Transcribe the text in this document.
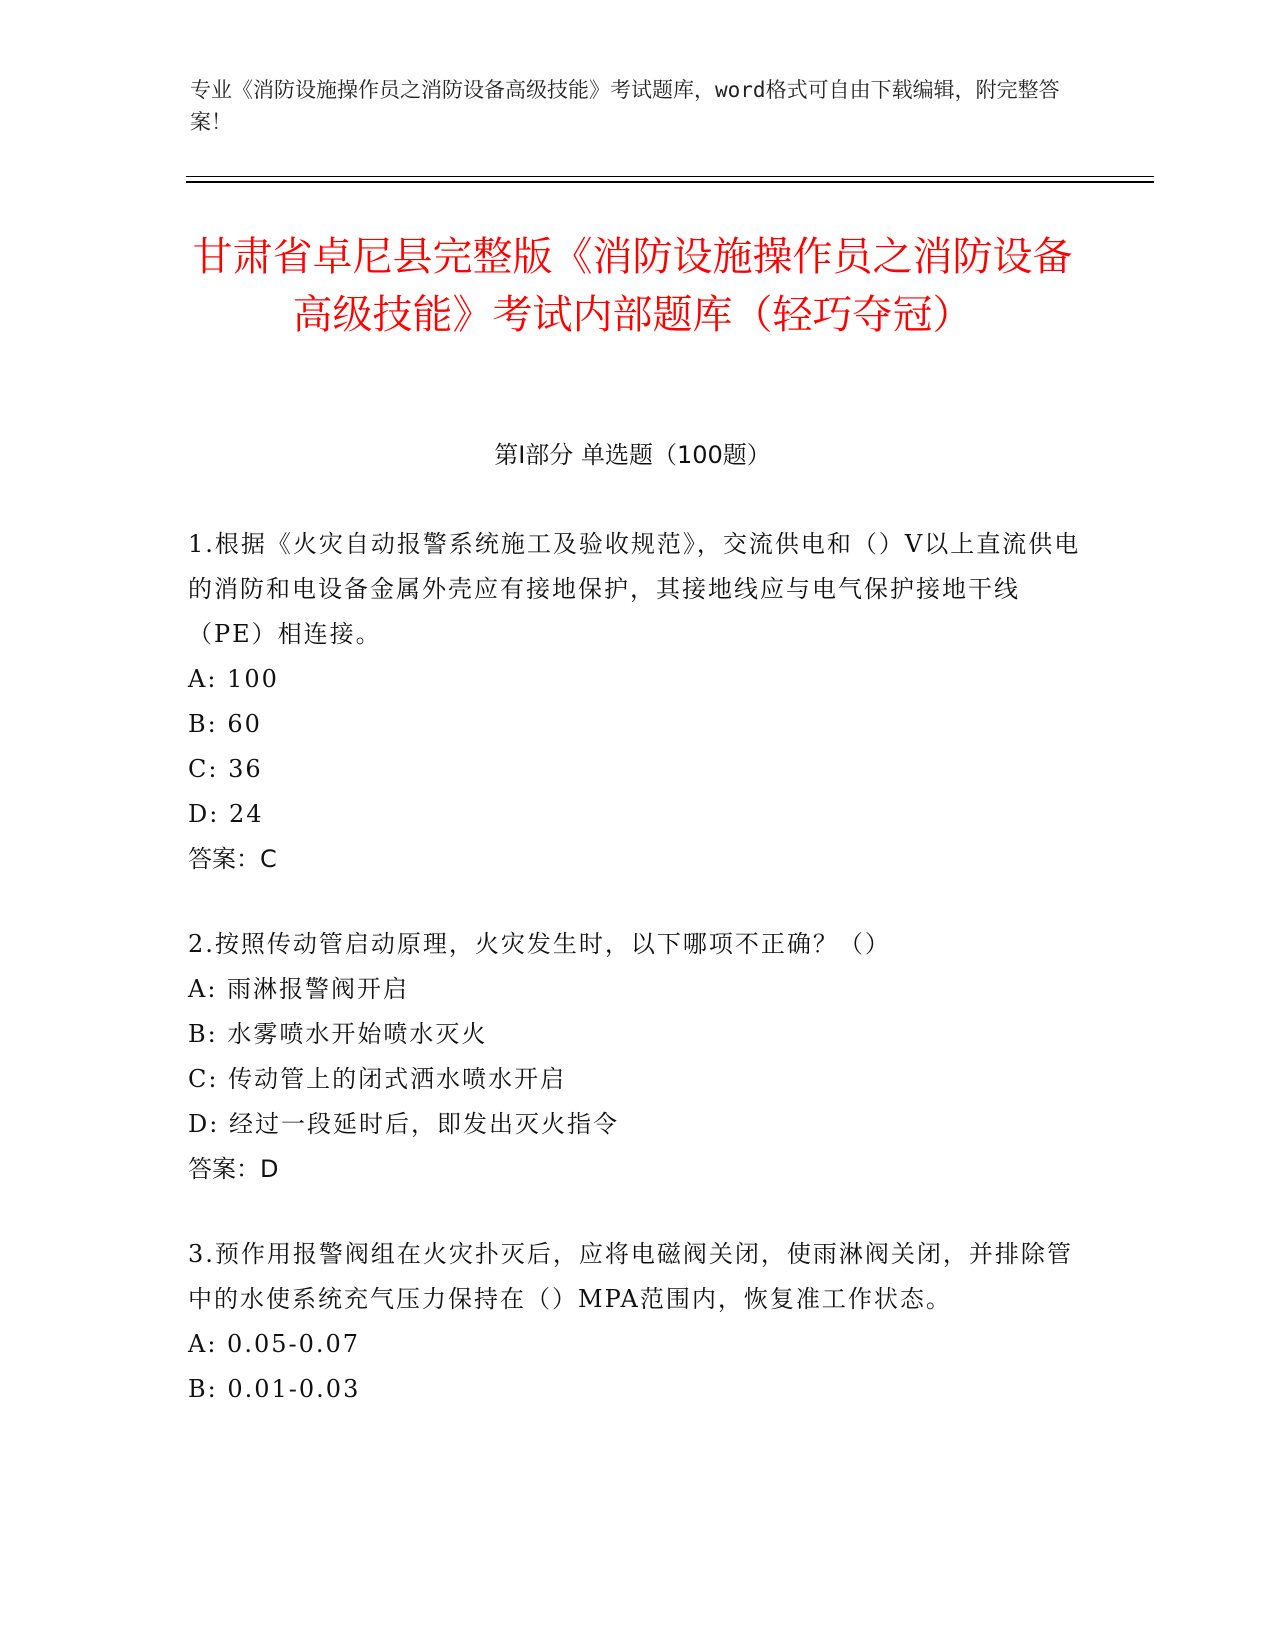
专业《消防设施操作员之消防设备高级技能》考试题库，word格式可自由下载编辑，附完整答案！
甘肃省卓尼县完整版《消防设施操作员之消防设备高级技能》考试内部题库（轻巧夺冠）
第Ⅰ部分 单选题（100题）

1.根据《火灾自动报警系统施工及验收规范》，交流供电和（）V以上直流供电的消防和电设备金属外壳应有接地保护，其接地线应与电气保护接地干线（PE）相连接。

A: 100
B: 60
C: 36
D: 24
答案：C

2.按照传动管启动原理，火灾发生时，以下哪项不正确？（）

A: 雨淋报警阀开启
B: 水雾喷水开始喷水灭火
C: 传动管上的闭式洒水喷水开启
D: 经过一段延时后，即发出灭火指令
答案：D

3.预作用报警阀组在火灾扑灭后，应将电磁阀关闭，使雨淋阀关闭，并排除管中的水使系统充气压力保持在（）MPA范围内，恢复准工作状态。

A: 0.05-0.07
B: 0.01-0.03
